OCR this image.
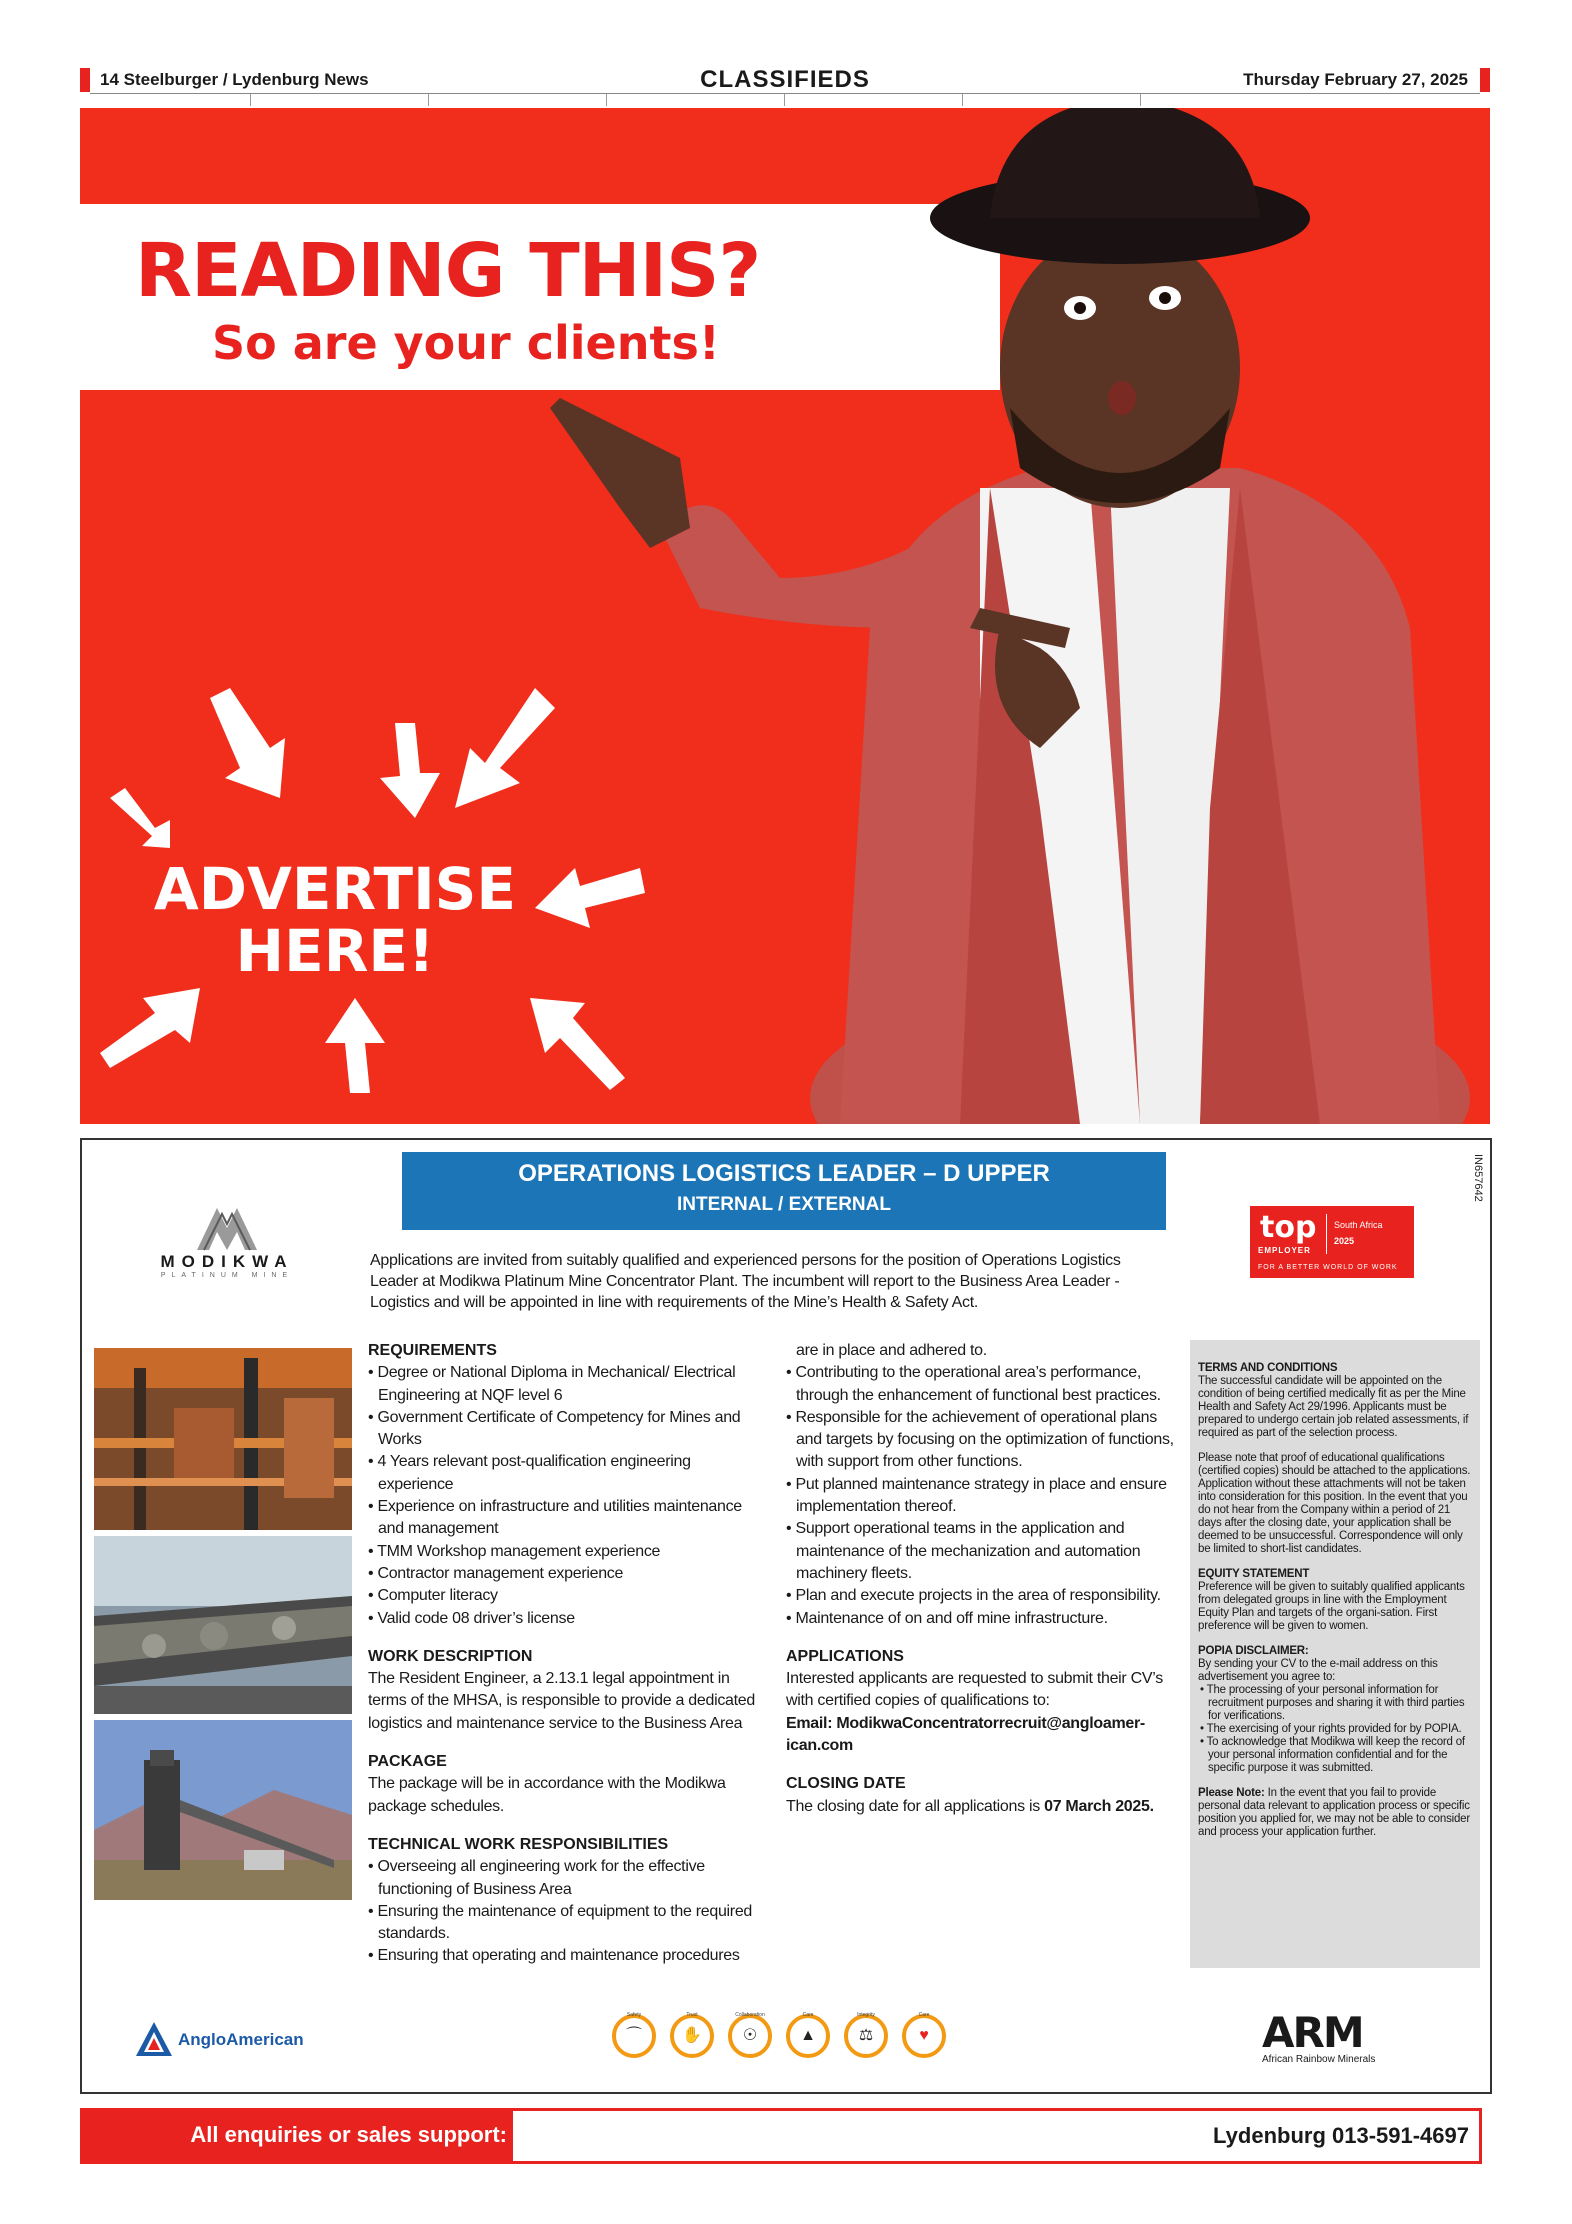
14 Steelburger / Lydenburg News	CLASSIFIEDS	Thursday February 27, 2025
READING THIS?
So are your clients!
ADVERTISE
HERE!
IN657642
OPERATIONS LOGISTICS LEADER – D UPPER
INTERNAL / EXTERNAL
MODIKWA
PLATINUM MINE
Applications are invited from suitably qualified and experienced persons for the position of Operations Logistics Leader at Modikwa Platinum Mine Concentrator Plant. The incumbent will report to the Business Area Leader - Logistics and will be appointed in line with requirements of the Mine’s Health & Safety Act.
top
EMPLOYER
South Africa
2025
FOR A BETTER WORLD OF WORK
REQUIREMENTS
• Degree or National Diploma in Mechanical/ Electrical Engineering at NQF level 6
• Government Certificate of Competency for Mines and Works
• 4 Years relevant post-qualification engineering experience
• Experience on infrastructure and utilities maintenance and management
• TMM Workshop management experience
• Contractor management experience
• Computer literacy
• Valid code 08 driver’s license
WORK DESCRIPTION

The Resident Engineer, a 2.13.1 legal appointment in terms of the MHSA, is responsible to provide a dedicated logistics and maintenance service to the Business Area

PACKAGE

The package will be in accordance with the Modikwa package schedules.

TECHNICAL WORK RESPONSIBILITIES
• Overseeing all engineering work for the effective functioning of Business Area
• Ensuring the maintenance of equipment to the required standards.
• Ensuring that operating and maintenance procedures

are in place and adhered to.

• Contributing to the operational area’s performance, through the enhancement of functional best practices.
• Responsible for the achievement of operational plans and targets by focusing on the optimization of functions, with support from other functions.
• Put planned maintenance strategy in place and ensure implementation thereof.
• Support operational teams in the application and maintenance of the mechanization and automation machinery fleets.
• Plan and execute projects in the area of responsibility.
• Maintenance of on and off mine infrastructure.
APPLICATIONS

Interested applicants are requested to submit their CV’s with certified copies of qualifications to:

Email: ModikwaConcentratorrecruit@angloamer-ican.com

CLOSING DATE

The closing date for all applications is 07 March 2025.

TERMS AND CONDITIONS

The successful candidate will be appointed on the condition of being certified medically fit as per the Mine Health and Safety Act 29/1996. Applicants must be prepared to undergo certain job related assessments, if required as part of the selection process.

Please note that proof of educational qualifications (certified copies) should be attached to the applications. Application without these attachments will not be taken into consideration for this position. In the event that you do not hear from the Company within a period of 21 days after the closing date, your application shall be deemed to be unsuccessful. Correspondence will only be limited to short-list candidates.

EQUITY STATEMENT

Preference will be given to suitably qualified applicants from delegated groups in line with the Employment Equity Plan and targets of the organi-sation. First preference will be given to women.

POPIA DISCLAIMER:

By sending your CV to the e-mail address on this advertisement you agree to:

• The processing of your personal information for recruitment purposes and sharing it with third parties for verifications.
• The exercising of your rights provided for by POPIA.
• To acknowledge that Modikwa will keep the record of your personal information confidential and for the specific purpose it was submitted.

Please Note: In the event that you fail to provide personal data relevant to application process or specific position you applied for, we may not be able to consider and process your application further.

AngloAmerican
Safety
⌒
Trust
✋
Collaboration
☉
Care
▲
Integrity
⚖
Care
♥	ARM
African Rainbow Minerals
All enquiries or sales support:	Lydenburg 013-591-4697
